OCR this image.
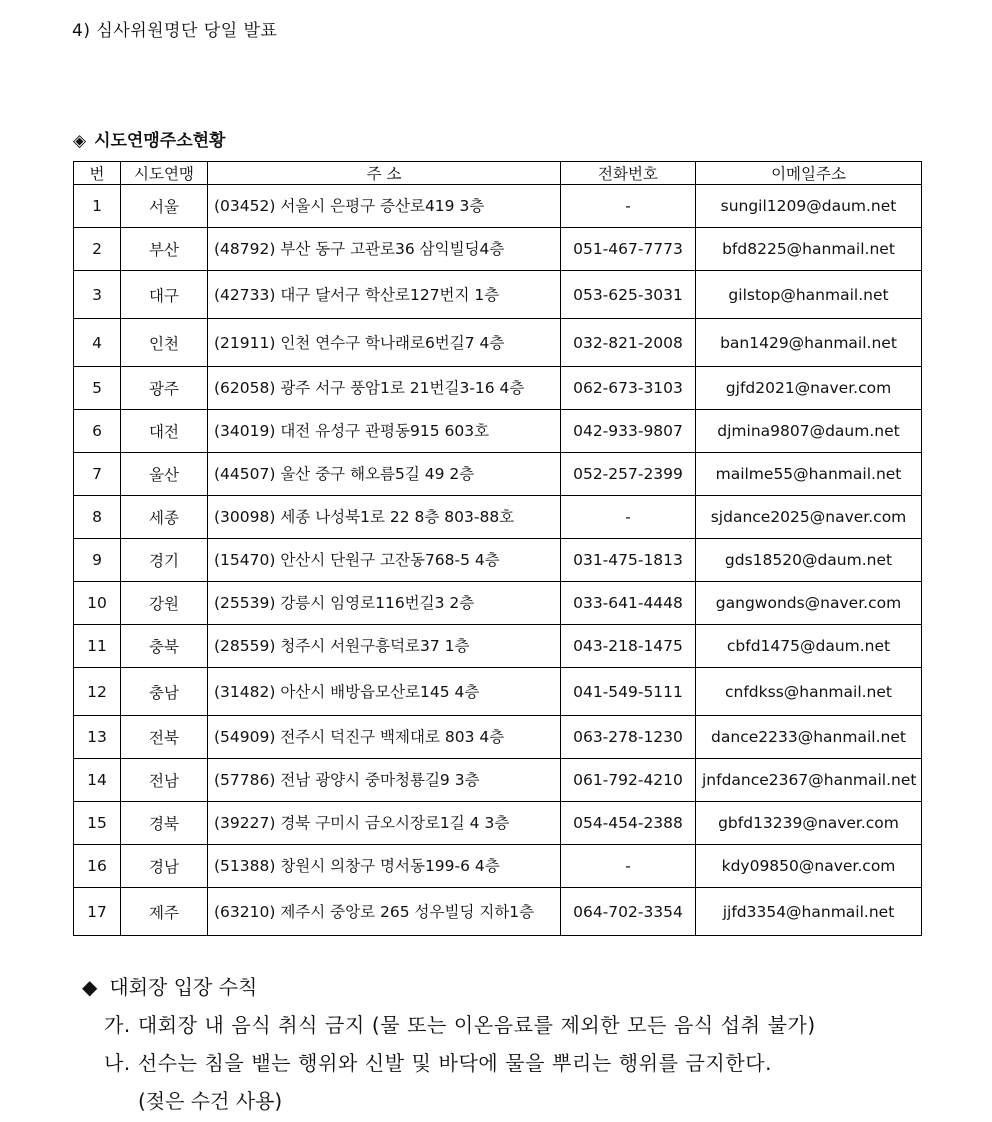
4) 심사위원명단 당일 발표
◈ 시도연맹주소현황
번	시도연맹	주 소	전화번호	이메일주소
1	서울	(03452) 서울시 은평구 증산로419 3층	-	sungil1209@daum.net
2	부산	(48792) 부산 동구 고관로36 삼익빌딩4층	051-467-7773	bfd8225@hanmail.net
3	대구	(42733) 대구 달서구 학산로127번지 1층	053-625-3031	gilstop@hanmail.net
4	인천	(21911) 인천 연수구 학나래로6번길7 4층	032-821-2008	ban1429@hanmail.net
5	광주	(62058) 광주 서구 풍암1로 21번길3-16 4층	062-673-3103	gjfd2021@naver.com
6	대전	(34019) 대전 유성구 관평동915 603호	042-933-9807	djmina9807@daum.net
7	울산	(44507) 울산 중구 해오름5길 49 2층	052-257-2399	mailme55@hanmail.net
8	세종	(30098) 세종 나성북1로 22 8층 803-88호	-	sjdance2025@naver.com
9	경기	(15470) 안산시 단원구 고잔동768-5 4층	031-475-1813	gds18520@daum.net
10	강원	(25539) 강릉시 임영로116번길3 2층	033-641-4448	gangwonds@naver.com
11	충북	(28559) 청주시 서원구흥덕로37 1층	043-218-1475	cbfd1475@daum.net
12	충남	(31482) 아산시 배방읍모산로145 4층	041-549-5111	cnfdkss@hanmail.net
13	전북	(54909) 전주시 덕진구 백제대로 803 4층	063-278-1230	dance2233@hanmail.net
14	전남	(57786) 전남 광양시 중마청룡길9 3층	061-792-4210	jnfdance2367@hanmail.net
15	경북	(39227) 경북 구미시 금오시장로1길 4 3층	054-454-2388	gbfd13239@naver.com
16	경남	(51388) 창원시 의창구 명서동199-6 4층	-	kdy09850@naver.com
17	제주	(63210) 제주시 중앙로 265 성우빌딩 지하1층	064-702-3354	jjfd3354@hanmail.net
◆ 대회장 입장 수칙
가. 대회장 내 음식 취식 금지 (물 또는 이온음료를 제외한 모든 음식 섭취 불가)
나. 선수는 침을 뱉는 행위와 신발 및 바닥에 물을 뿌리는 행위를 금지한다.
(젖은 수건 사용)
